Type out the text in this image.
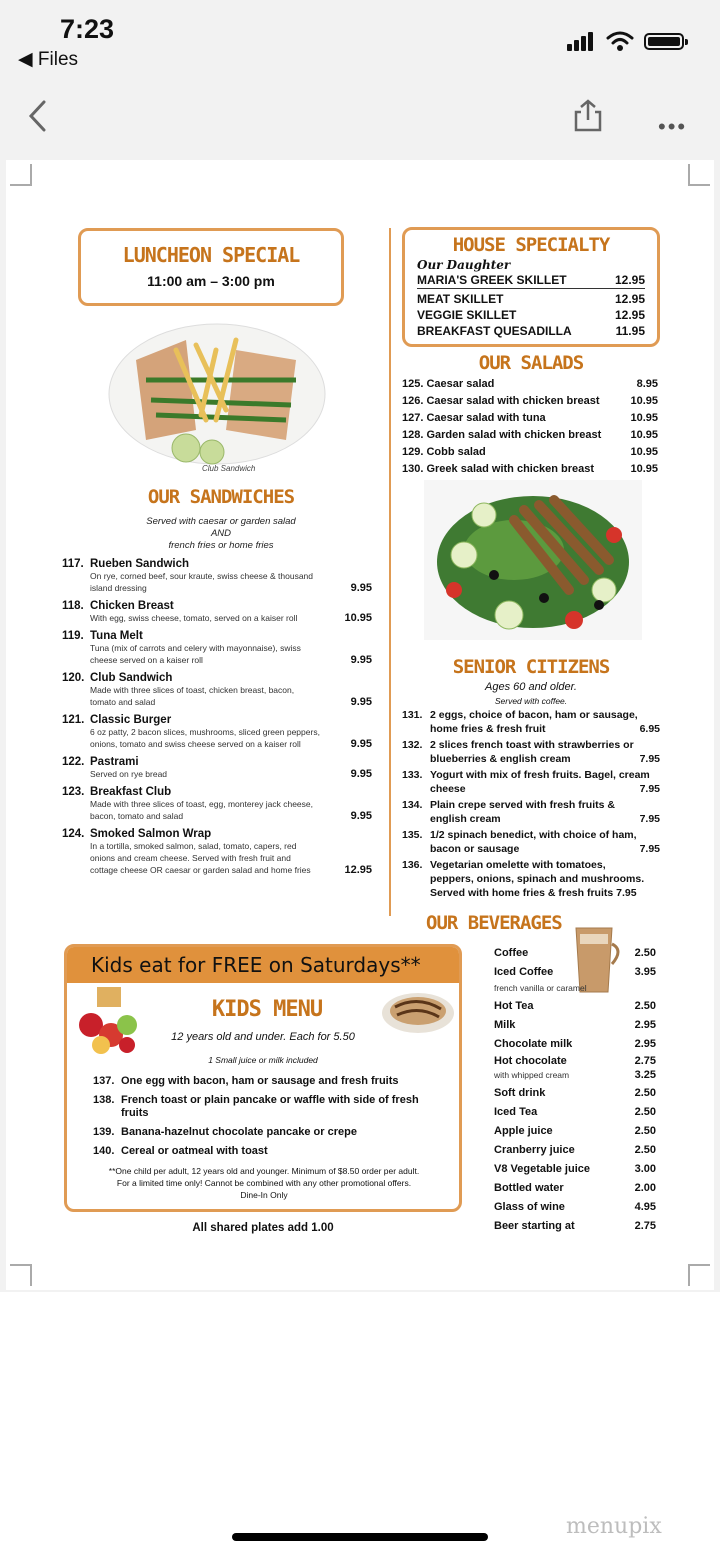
7:23
◀ Files
•••
LUNCHEON SPECIAL
11:00 am – 3:00 pm
Club Sandwich
OUR SANDWICHES
Served with caesar or garden salad
AND
french fries or home fries
117. Rueben Sandwich
On rye, corned beef, sour kraute, swiss cheese & thousand island dressing	9.95
118. Chicken Breast
With egg, swiss cheese, tomato, served on a kaiser roll	10.95
119. Tuna Melt
Tuna (mix of carrots and celery with mayonnaise), swiss cheese served on a kaiser roll	9.95
120. Club Sandwich
Made with three slices of toast, chicken breast, bacon, tomato and salad	9.95
121. Classic Burger
6 oz patty, 2 bacon slices, mushrooms, sliced green peppers, onions, tomato and swiss cheese served on a kaiser roll	9.95
122. Pastrami
Served on rye bread	9.95
123. Breakfast Club
Made with three slices of toast, egg, monterey jack cheese, bacon, tomato and salad	9.95
124. Smoked Salmon Wrap
In a tortilla, smoked salmon, salad, tomato, capers, red onions and cream cheese. Served with fresh fruit and cottage cheese OR caesar or garden salad and home fries	12.95
HOUSE SPECIALTY
Our Daughter
MARIA'S GREEK SKILLET	12.95
MEAT SKILLET	12.95
VEGGIE SKILLET	12.95
BREAKFAST QUESADILLA	11.95
OUR SALADS
125. Caesar salad	8.95
126. Caesar salad with chicken breast	10.95
127. Caesar salad with tuna	10.95
128. Garden salad with chicken breast	10.95
129. Cobb salad	10.95
130. Greek salad with chicken breast	10.95
SENIOR CITIZENS
Ages 60 and older.
Served with coffee.
131. 2 eggs, choice of bacon, ham or sausage, home fries & fresh fruit	6.95
132. 2 slices french toast with strawberries or blueberries & english cream	7.95
133. Yogurt with mix of fresh fruits. Bagel, cream cheese	7.95
134. Plain crepe served with fresh fruits & english cream	7.95
135. 1/2 spinach benedict, with choice of ham, bacon or sausage	7.95
136. Vegetarian omelette with tomatoes, peppers, onions, spinach and mushrooms. Served with home fries & fresh fruits 7.95
OUR BEVERAGES
Coffee	2.50
Iced Coffee	3.95
french vanilla or caramel
Hot Tea	2.50
Milk	2.95
Chocolate milk	2.95
Hot chocolate	2.75
with whipped cream	3.25
Soft drink	2.50
Iced Tea	2.50
Apple juice	2.50
Cranberry juice	2.50
V8 Vegetable juice	3.00
Bottled water	2.00
Glass of wine	4.95
Beer starting at	2.75
Kids eat for FREE on Saturdays**
KIDS MENU
12 years old and under. Each for 5.50
1 Small juice or milk included
137. One egg with bacon, ham or sausage and fresh fruits
138. French toast or plain pancake or waffle with side of fresh fruits
139. Banana-hazelnut chocolate pancake or crepe
140. Cereal or oatmeal with toast
**One child per adult, 12 years old and younger. Minimum of $8.50 order per adult.
For a limited time only! Cannot be combined with any other promotional offers.
Dine-In Only
All shared plates add 1.00
menupix
